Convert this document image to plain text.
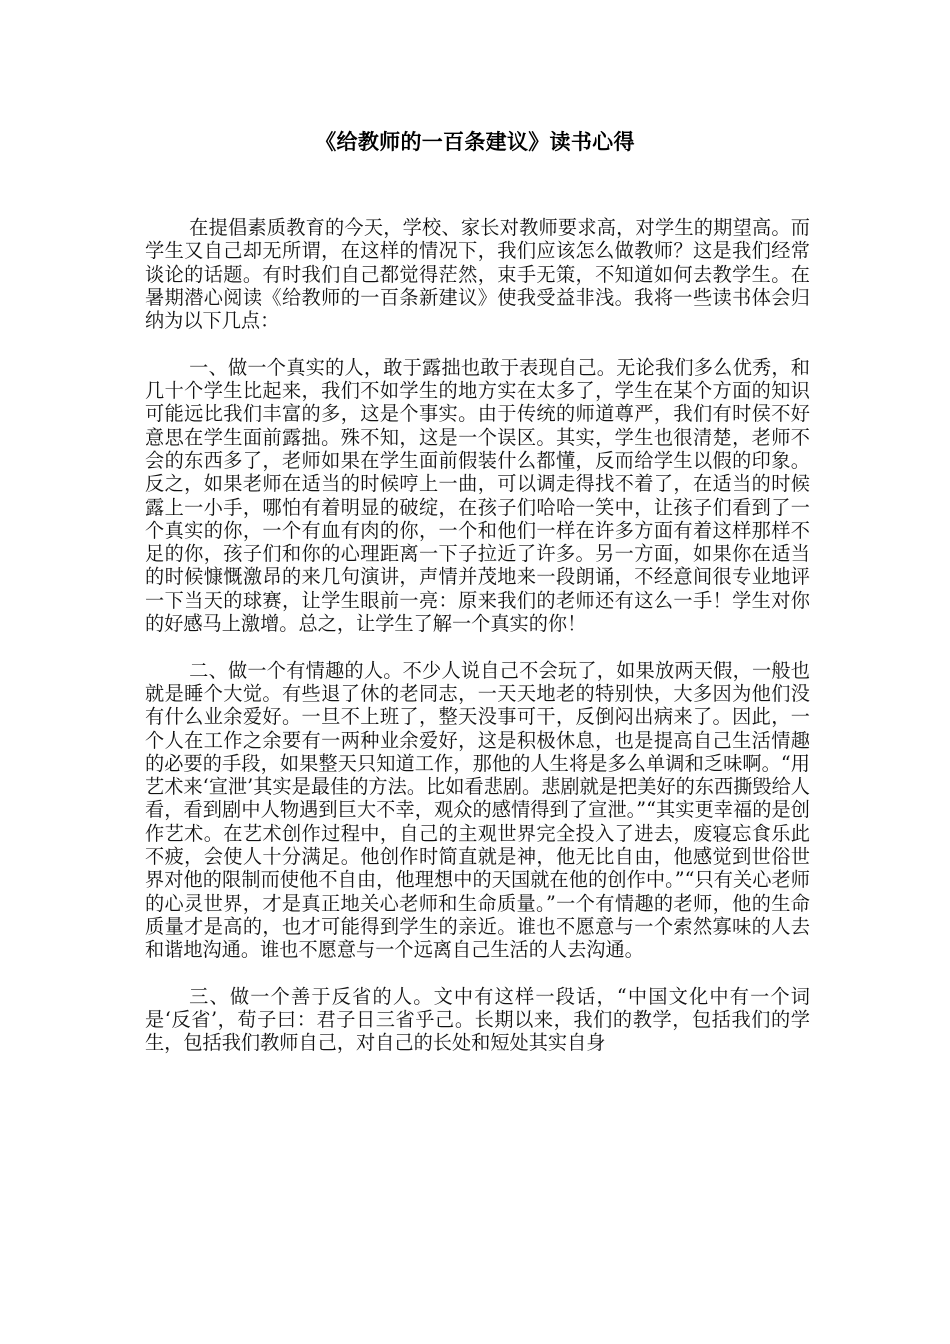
《给教师的一百条建议》读书心得

在提倡素质教育的今天，学校、家长对教师要求高，对学生的期望高。而学生又自己却无所谓，在这样的情况下，我们应该怎么做教师？这是我们经常谈论的话题。有时我们自己都觉得茫然，束手无策，不知道如何去教学生。在暑期潜心阅读《给教师的一百条新建议》使我受益非浅。我将一些读书体会归纳为以下几点：

一、做一个真实的人，敢于露拙也敢于表现自己。无论我们多么优秀，和几十个学生比起来，我们不如学生的地方实在太多了，学生在某个方面的知识可能远比我们丰富的多，这是个事实。由于传统的师道尊严，我们有时侯不好意思在学生面前露拙。殊不知，这是一个误区。其实，学生也很清楚，老师不会的东西多了，老师如果在学生面前假装什么都懂，反而给学生以假的印象。反之，如果老师在适当的时候哼上一曲，可以调走得找不着了，在适当的时候露上一小手，哪怕有着明显的破绽，在孩子们哈哈一笑中，让孩子们看到了一个真实的你，一个有血有肉的你，一个和他们一样在许多方面有着这样那样不足的你，孩子们和你的心理距离一下子拉近了许多。另一方面，如果你在适当的时候慷慨激昂的来几句演讲，声情并茂地来一段朗诵，不经意间很专业地评一下当天的球赛，让学生眼前一亮：原来我们的老师还有这么一手！学生对你的好感马上激增。总之，让学生了解一个真实的你！

二、做一个有情趣的人。不少人说自己不会玩了，如果放两天假，一般也就是睡个大觉。有些退了休的老同志，一天天地老的特别快，大多因为他们没有什么业余爱好。一旦不上班了，整天没事可干，反倒闷出病来了。因此，一个人在工作之余要有一两种业余爱好，这是积极休息，也是提高自己生活情趣的必要的手段，如果整天只知道工作，那他的人生将是多么单调和乏味啊。“用艺术来‘宣泄’其实是最佳的方法。比如看悲剧。悲剧就是把美好的东西撕毁给人看，看到剧中人物遇到巨大不幸，观众的感情得到了宣泄。”“其实更幸福的是创作艺术。在艺术创作过程中，自己的主观世界完全投入了进去，废寝忘食乐此不疲，会使人十分满足。他创作时简直就是神，他无比自由，他感觉到世俗世界对他的限制而使他不自由，他理想中的天国就在他的创作中。”“只有关心老师的心灵世界，才是真正地关心老师和生命质量。”一个有情趣的老师，他的生命质量才是高的，也才可能得到学生的亲近。谁也不愿意与一个索然寡味的人去和谐地沟通。谁也不愿意与一个远离自己生活的人去沟通。

三、做一个善于反省的人。文中有这样一段话，“中国文化中有一个词是‘反省’，荀子曰：君子日三省乎己。长期以来，我们的教学，包括我们的学生，包括我们教师自己，对自己的长处和短处其实自身
